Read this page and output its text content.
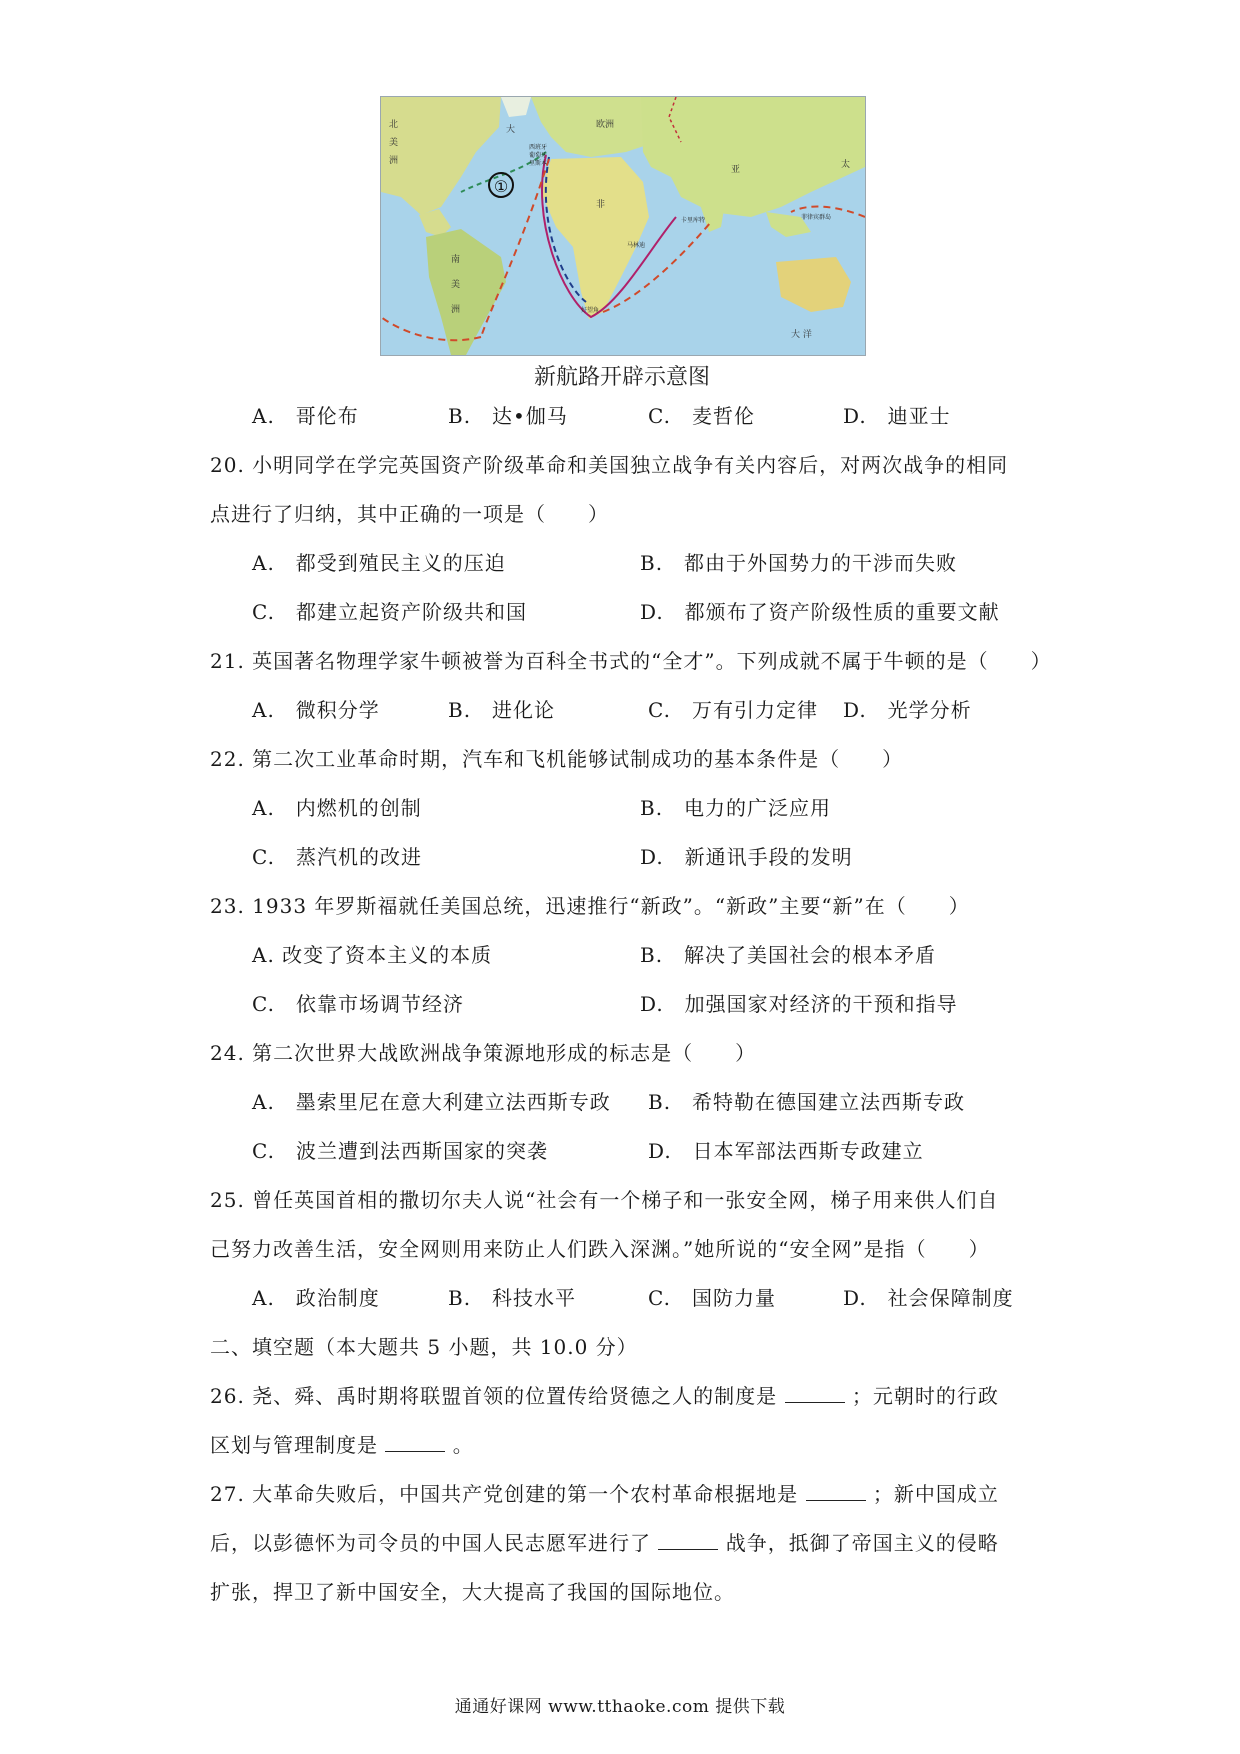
①
北
美
洲
南
美
洲
欧洲
亚
非
太
大 洋
大
西班牙
葡萄牙
里斯本
卡里库特
马林迪
好望角
菲律宾群岛
新航路开辟示意图
A.　哥伦布	B.　达•伽马	C.　麦哲伦	D.　迪亚士
20. 小明同学在学完英国资产阶级革命和美国独立战争有关内容后，对两次战争的相同
点进行了归纳，其中正确的一项是（　　）
A.　都受到殖民主义的压迫	B.　都由于外国势力的干涉而失败
C.　都建立起资产阶级共和国	D.　都颁布了资产阶级性质的重要文献
21. 英国著名物理学家牛顿被誉为百科全书式的“全才”。下列成就不属于牛顿的是（　　）
A.　微积分学	B.　进化论	C.　万有引力定律 D.　光学分析
22. 第二次工业革命时期，汽车和飞机能够试制成功的基本条件是（　　）
A.　内燃机的创制	B.　电力的广泛应用
C.　蒸汽机的改进	D.　新通讯手段的发明
23. 1933 年罗斯福就任美国总统，迅速推行“新政”。“新政”主要“新”在（　　）
A. 改变了资本主义的本质	B.　解决了美国社会的根本矛盾
C.　依靠市场调节经济	D.　加强国家对经济的干预和指导
24. 第二次世界大战欧洲战争策源地形成的标志是（　　）
A.　墨索里尼在意大利建立法西斯专政 B.　希特勒在德国建立法西斯专政
C.　波兰遭到法西斯国家的突袭	D.　日本军部法西斯专政建立
25. 曾任英国首相的撒切尔夫人说“社会有一个梯子和一张安全网，梯子用来供人们自
己努力改善生活，安全网则用来防止人们跌入深渊。”她所说的“安全网”是指（　　）
A.　政治制度	B.　科技水平	C.　国防力量	D.　社会保障制度
二、填空题（本大题共 5 小题，共 10.0 分）
26. 尧、舜、禹时期将联盟首领的位置传给贤德之人的制度是	；元朝时的行政
区划与管理制度是	。
27. 大革命失败后，中国共产党创建的第一个农村革命根据地是	；新中国成立
后，以彭德怀为司令员的中国人民志愿军进行了	战争，抵御了帝国主义的侵略
扩张，捍卫了新中国安全，大大提高了我国的国际地位。
通通好课网 www.tthaoke.com 提供下载
